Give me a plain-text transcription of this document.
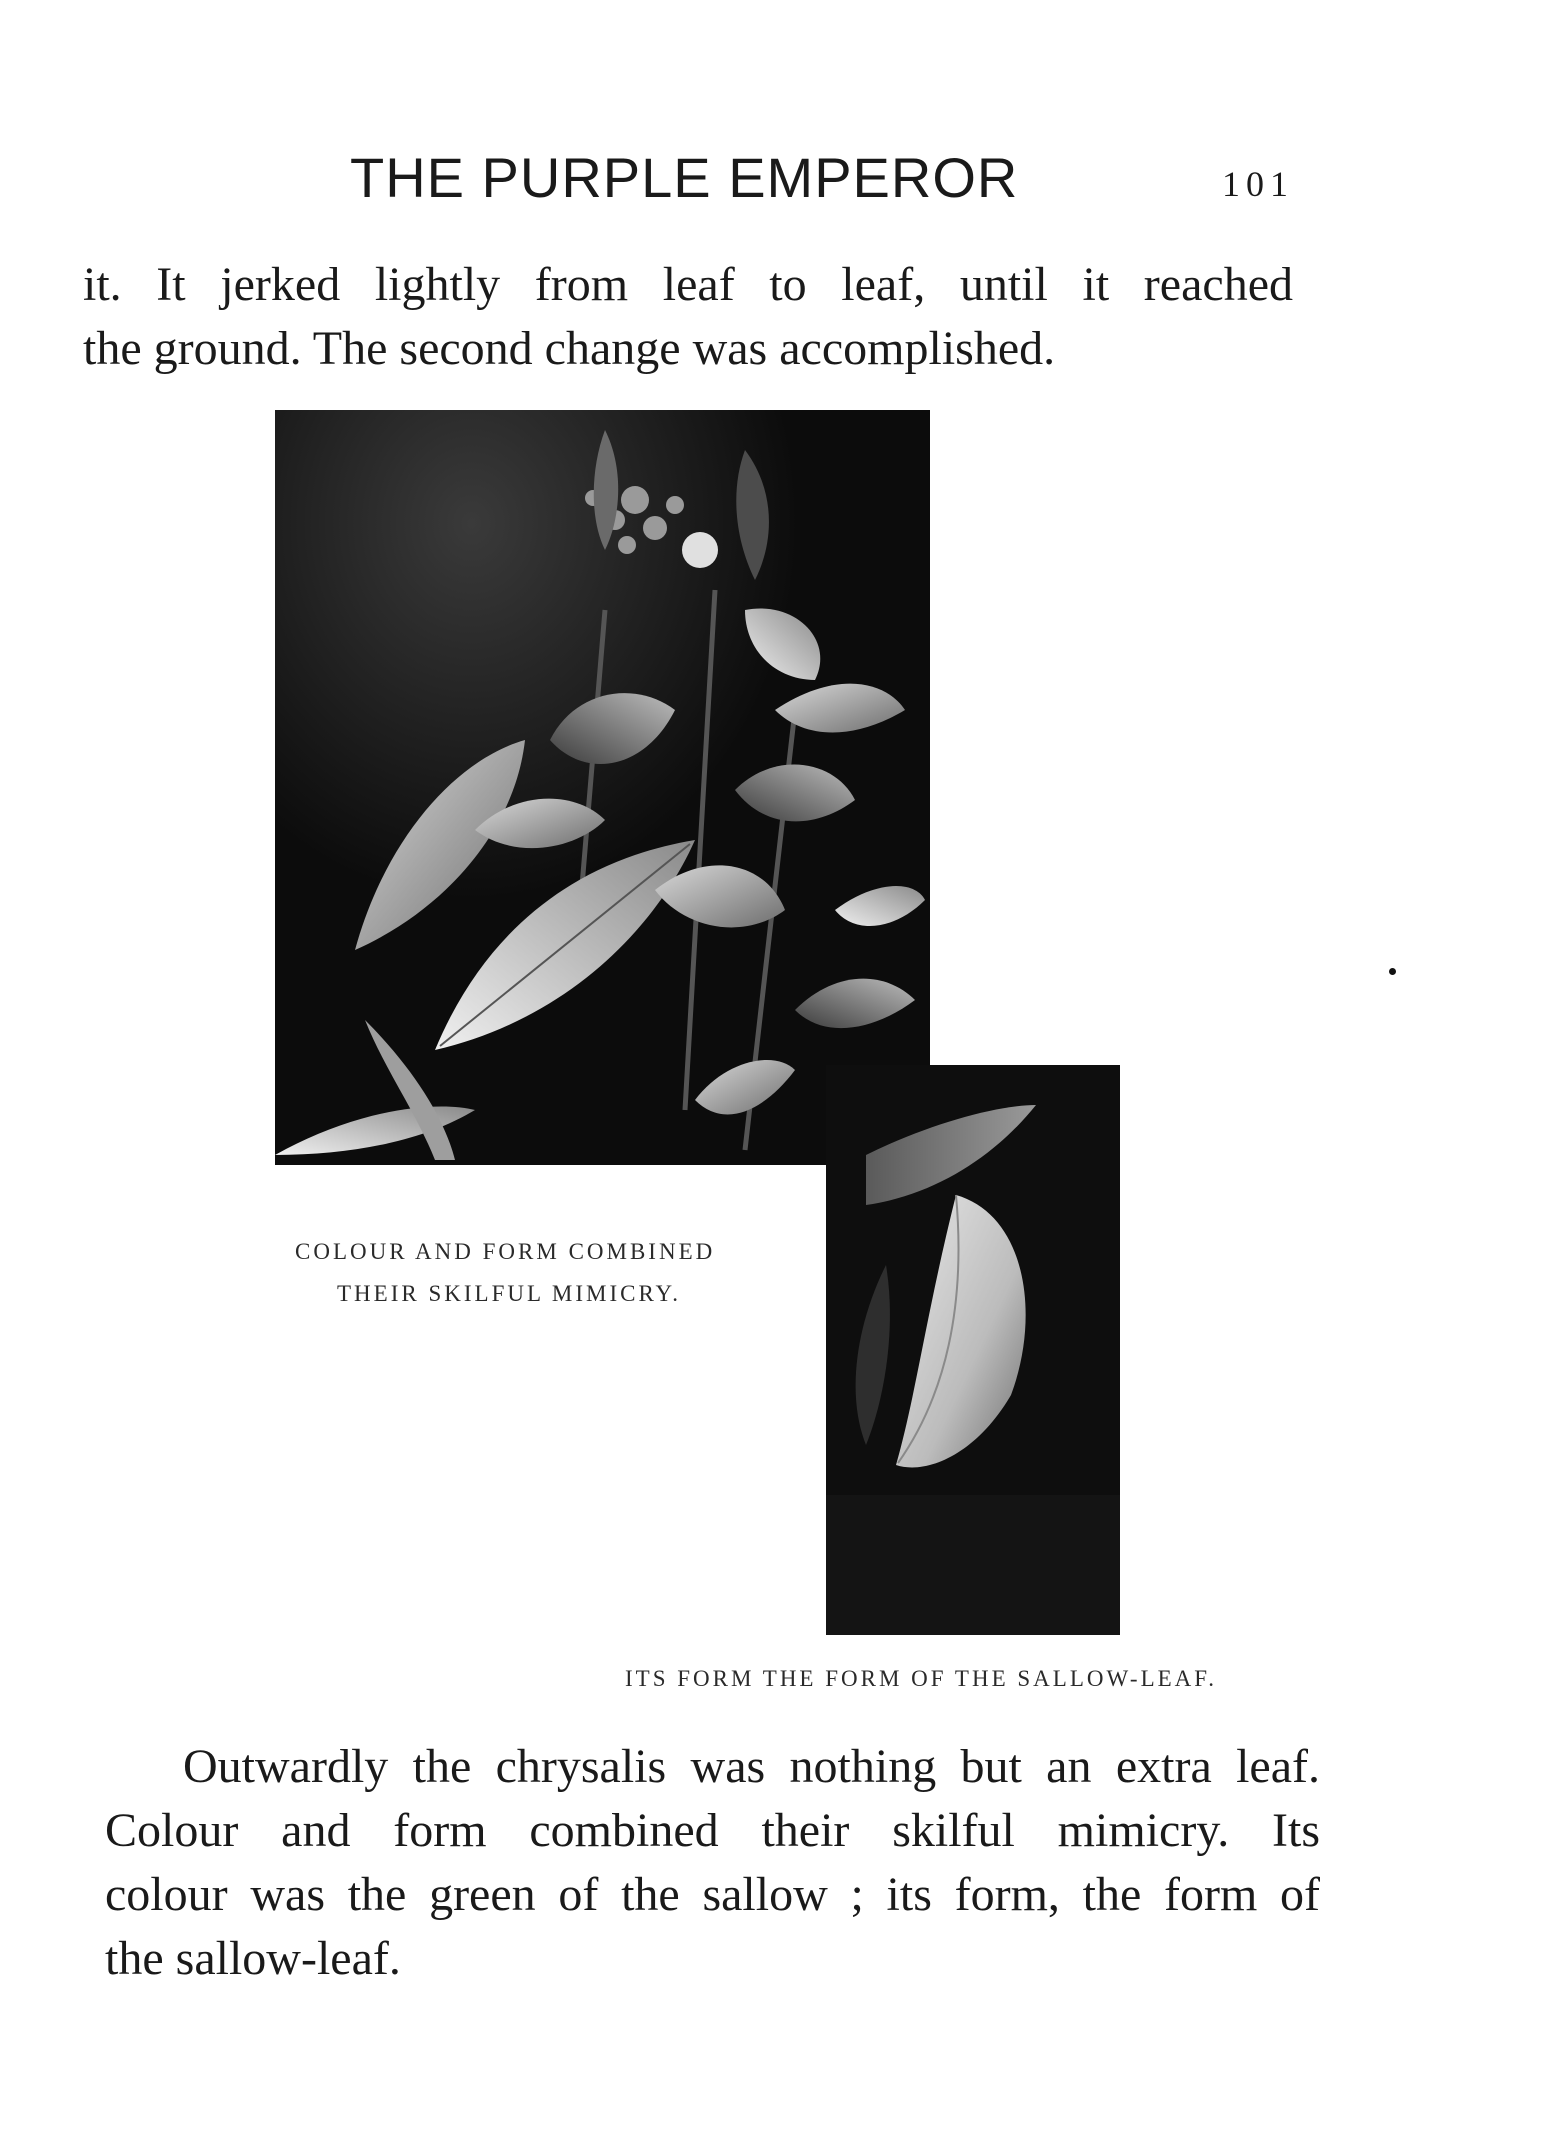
THE PURPLE EMPEROR	101

it. It jerked lightly from leaf to leaf, until it reached
the ground. The second change was accomplished.

COLOUR AND FORM COMBINED
THEIR SKILFUL MIMICRY.
ITS FORM THE FORM OF THE SALLOW-LEAF.

Outwardly the chrysalis was nothing but an extra leaf.
Colour and form combined their skilful mimicry. Its
colour was the green of the sallow ; its form, the form of
the sallow-leaf.
